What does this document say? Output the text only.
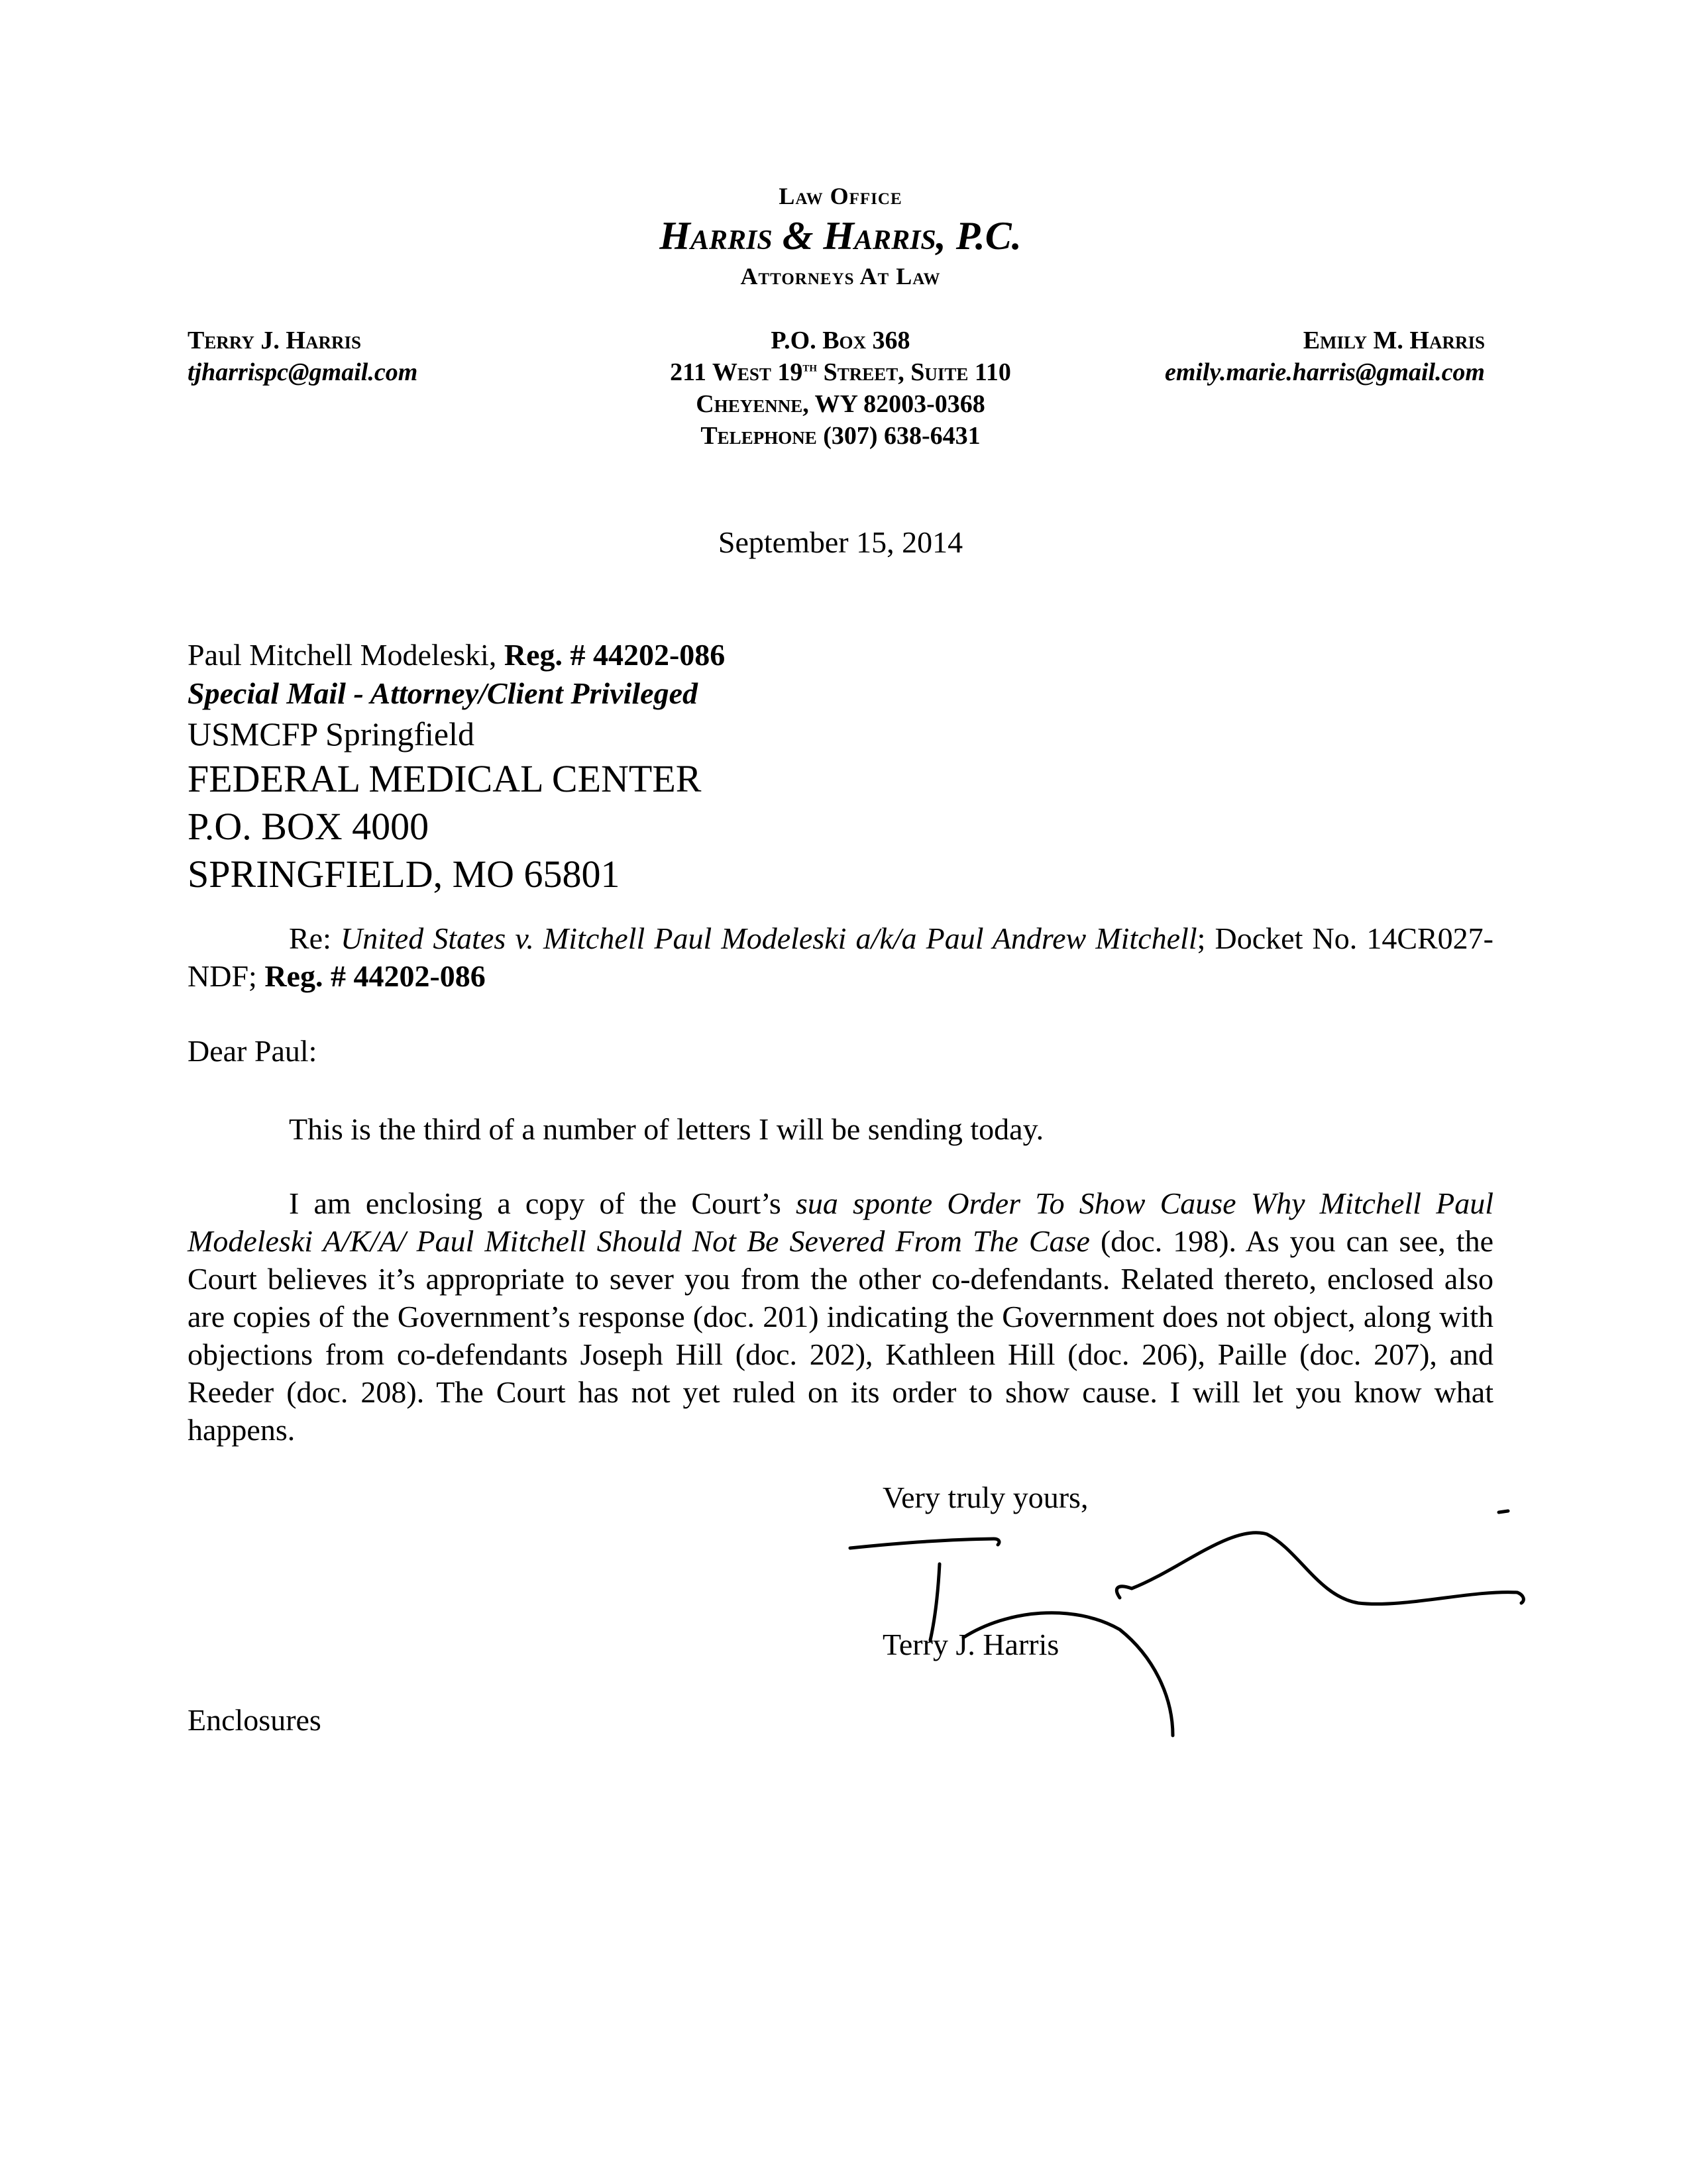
Law Office
Harris & Harris, P.C.
Attorneys At Law
Terry J. Harris
tjharrispc@gmail.com
P.O. Box 368
211 West 19th Street, Suite 110
Cheyenne, WY 82003-0368
Telephone (307) 638-6431
Emily M. Harris
emily.marie.harris@gmail.com
September 15, 2014
Paul Mitchell Modeleski, Reg. # 44202-086
Special Mail - Attorney/Client Privileged
USMCFP Springfield
FEDERAL MEDICAL CENTER
P.O. BOX 4000
SPRINGFIELD, MO 65801
Re: United States v. Mitchell Paul Modeleski a/k/a Paul Andrew Mitchell; Docket No. 14CR027-NDF; Reg. # 44202-086
Dear Paul:
This is the third of a number of letters I will be sending today.
I am enclosing a copy of the Court’s sua sponte Order To Show Cause Why Mitchell Paul Modeleski A/K/A/ Paul Mitchell Should Not Be Severed From The Case (doc. 198). As you can see, the Court believes it’s appropriate to sever you from the other co-defendants. Related thereto, enclosed also are copies of the Government’s response (doc. 201) indicating the Government does not object, along with objections from co-defendants Joseph Hill (doc. 202), Kathleen Hill (doc. 206), Paille (doc. 207), and Reeder (doc. 208). The Court has not yet ruled on its order to show cause. I will let you know what happens.
Very truly yours,
Terry J. Harris
Enclosures
